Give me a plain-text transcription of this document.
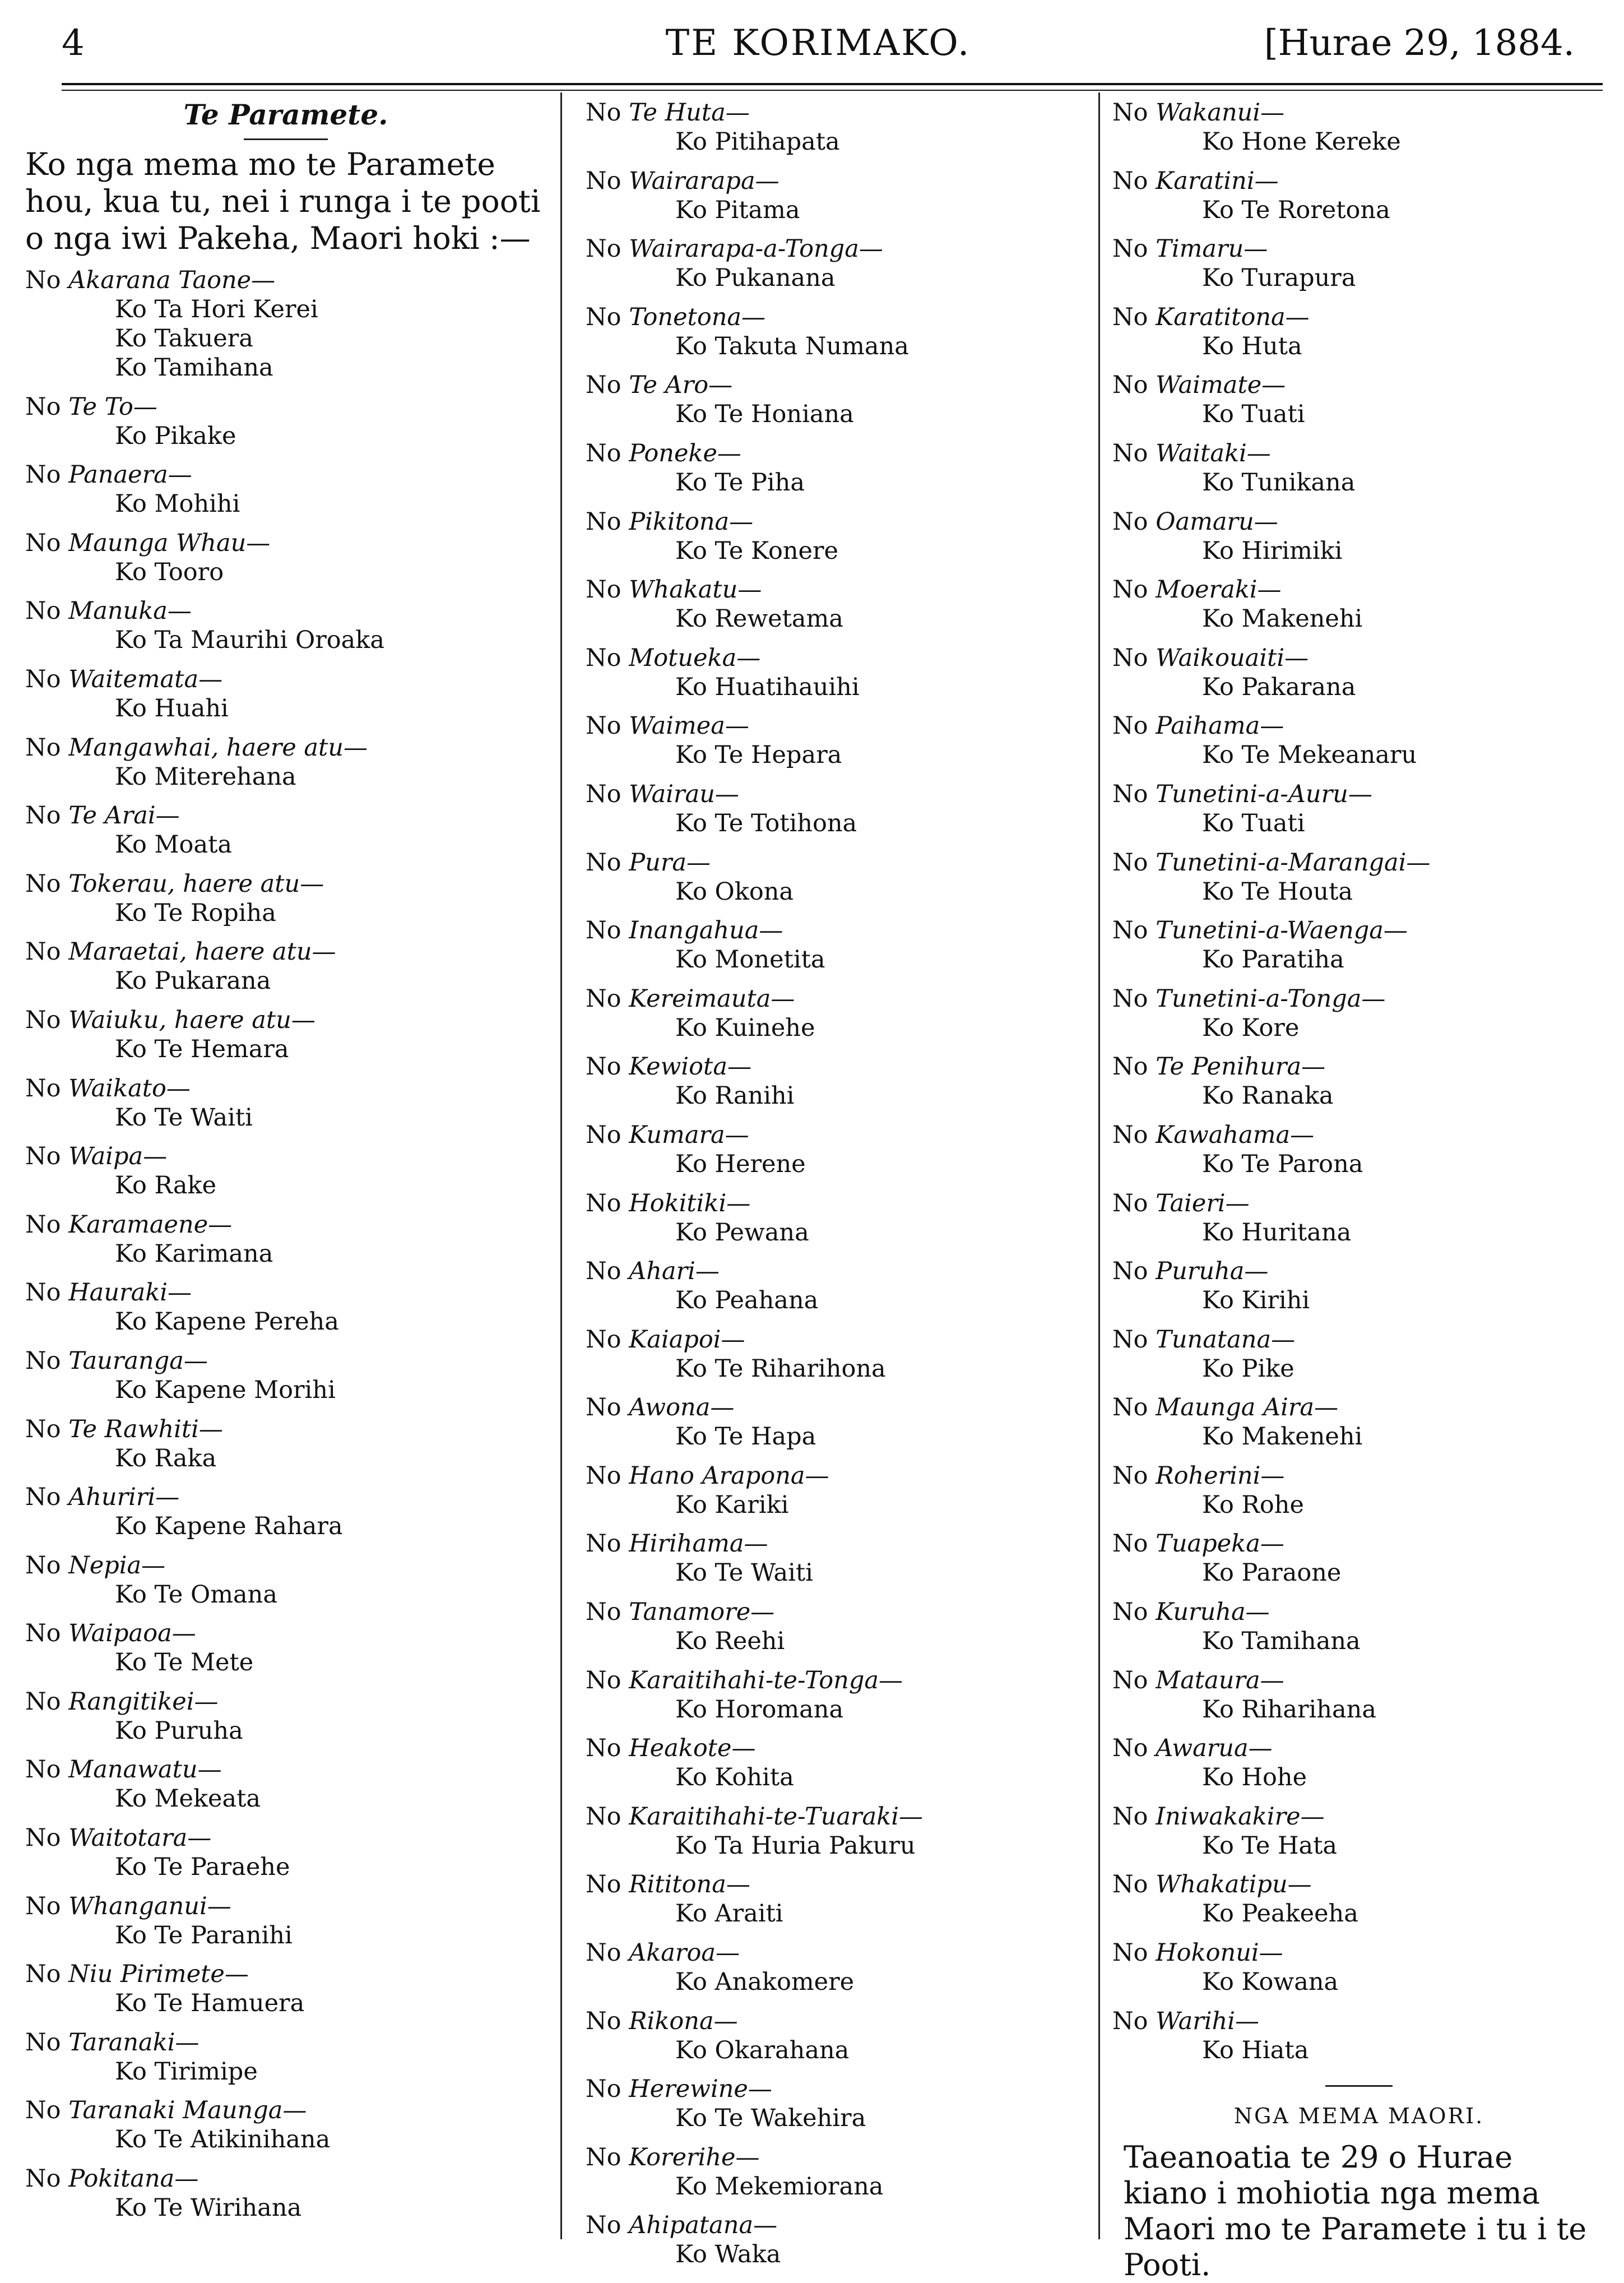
4	TE KORIMAKO.	[Hurae 29, 1884.
Te Paramete.

Ko nga mema mo te Paramete hou, kua tu, nei i runga i te pooti o nga iwi Pakeha, Maori hoki :—

No Akarana Taone—
Ko Ta Hori Kerei
Ko Takuera
Ko Tamihana
No Te To—
Ko Pikake
No Panaera—
Ko Mohihi
No Maunga Whau—
Ko Tooro
No Manuka—
Ko Ta Maurihi Oroaka
No Waitemata—
Ko Huahi
No Mangawhai, haere atu—
Ko Miterehana
No Te Arai—
Ko Moata
No Tokerau, haere atu—
Ko Te Ropiha
No Maraetai, haere atu—
Ko Pukarana
No Waiuku, haere atu—
Ko Te Hemara
No Waikato—
Ko Te Waiti
No Waipa—
Ko Rake
No Karamaene—
Ko Karimana
No Hauraki—
Ko Kapene Pereha
No Tauranga—
Ko Kapene Morihi
No Te Rawhiti—
Ko Raka
No Ahuriri—
Ko Kapene Rahara
No Nepia—
Ko Te Omana
No Waipaoa—
Ko Te Mete
No Rangitikei—
Ko Puruha
No Manawatu—
Ko Mekeata
No Waitotara—
Ko Te Paraehe
No Whanganui—
Ko Te Paranihi
No Niu Pirimete—
Ko Te Hamuera
No Taranaki—
Ko Tirimipe
No Taranaki Maunga—
Ko Te Atikinihana
No Pokitana—
Ko Te Wirihana
No Te Huta—
Ko Pitihapata
No Wairarapa—
Ko Pitama
No Wairarapa-a-Tonga—
Ko Pukanana
No Tonetona—
Ko Takuta Numana
No Te Aro—
Ko Te Honiana
No Poneke—
Ko Te Piha
No Pikitona—
Ko Te Konere
No Whakatu—
Ko Rewetama
No Motueka—
Ko Huatihauihi
No Waimea—
Ko Te Hepara
No Wairau—
Ko Te Totihona
No Pura—
Ko Okona
No Inangahua—
Ko Monetita
No Kereimauta—
Ko Kuinehe
No Kewiota—
Ko Ranihi
No Kumara—
Ko Herene
No Hokitiki—
Ko Pewana
No Ahari—
Ko Peahana
No Kaiapoi—
Ko Te Riharihona
No Awona—
Ko Te Hapa
No Hano Arapona—
Ko Kariki
No Hirihama—
Ko Te Waiti
No Tanamore—
Ko Reehi
No Karaitihahi-te-Tonga—
Ko Horomana
No Heakote—
Ko Kohita
No Karaitihahi-te-Tuaraki—
Ko Ta Huria Pakuru
No Rititona—
Ko Araiti
No Akaroa—
Ko Anakomere
No Rikona—
Ko Okarahana
No Herewine—
Ko Te Wakehira
No Korerihe—
Ko Mekemiorana
No Ahipatana—
Ko Waka
No Wakanui—
Ko Hone Kereke
No Karatini—
Ko Te Roretona
No Timaru—
Ko Turapura
No Karatitona—
Ko Huta
No Waimate—
Ko Tuati
No Waitaki—
Ko Tunikana
No Oamaru—
Ko Hirimiki
No Moeraki—
Ko Makenehi
No Waikouaiti—
Ko Pakarana
No Paihama—
Ko Te Mekeanaru
No Tunetini-a-Auru—
Ko Tuati
No Tunetini-a-Marangai—
Ko Te Houta
No Tunetini-a-Waenga—
Ko Paratiha
No Tunetini-a-Tonga—
Ko Kore
No Te Penihura—
Ko Ranaka
No Kawahama—
Ko Te Parona
No Taieri—
Ko Huritana
No Puruha—
Ko Kirihi
No Tunatana—
Ko Pike
No Maunga Aira—
Ko Makenehi
No Roherini—
Ko Rohe
No Tuapeka—
Ko Paraone
No Kuruha—
Ko Tamihana
No Mataura—
Ko Riharihana
No Awarua—
Ko Hohe
No Iniwakakire—
Ko Te Hata
No Whakatipu—
Ko Peakeeha
No Hokonui—
Ko Kowana
No Warihi—
Ko Hiata
NGA MEMA MAORI.

Taeanoatia te 29 o Hurae kiano i mohiotia nga mema Maori mo te Paramete i tu i te Pooti.
